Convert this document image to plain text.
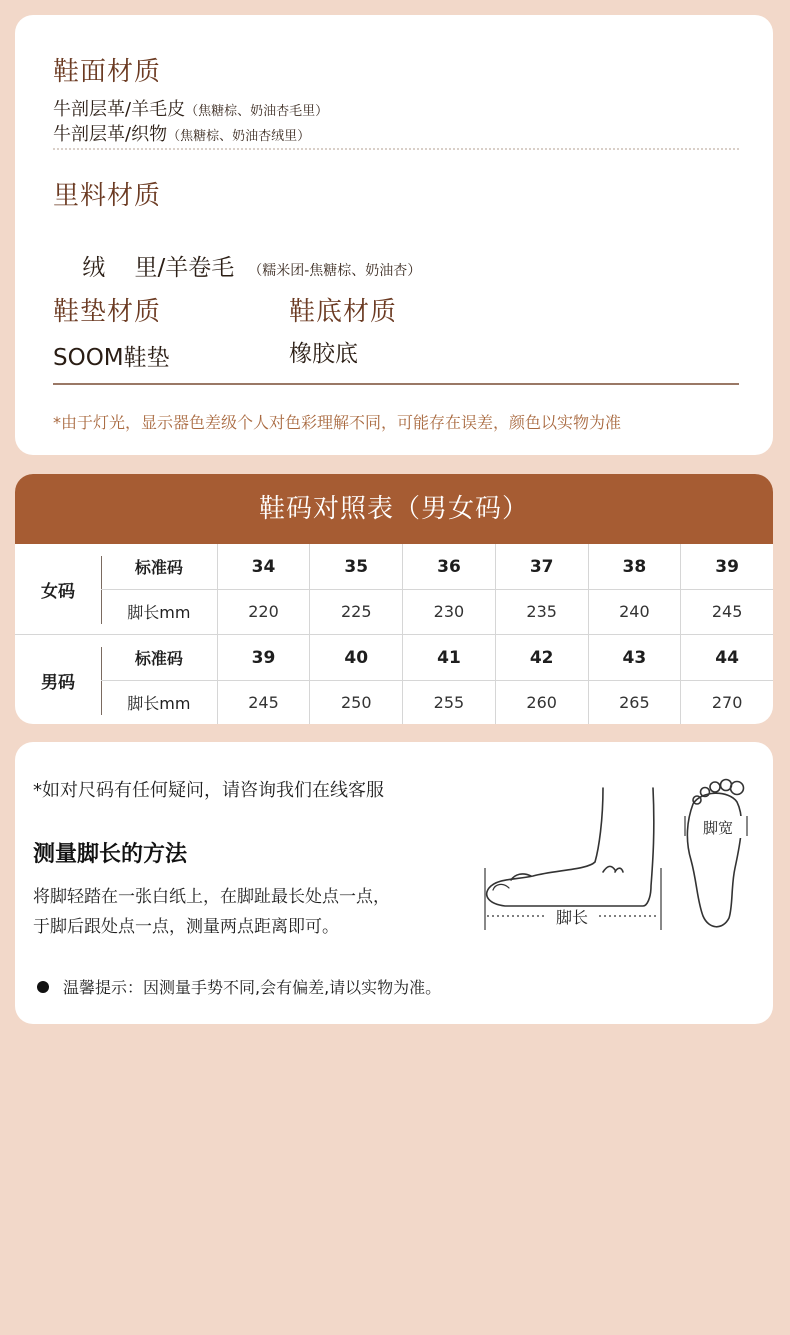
鞋面材质
牛剖层革/羊毛皮（焦糖棕、奶油杏毛里）
牛剖层革/织物（焦糖棕、奶油杏绒里）
里料材质

绒    里/羊卷毛 （糯米团-焦糖棕、奶油杏）

鞋垫材质
SOOM鞋垫
鞋底材质
橡胶底
*由于灯光，显示器色差级个人对色彩理解不同，可能存在误差，颜色以实物为准
鞋码对照表（男女码）
女码
标准码	34	35	36	37	38	39
脚长mm	220	225	230	235	240	245
男码
标准码	39	40	41	42	43	44
脚长mm	245	250	255	260	265	270
*如对尺码有任何疑问，请咨询我们在线客服
测量脚长的方法
将脚轻踏在一张白纸上，在脚趾最长处点一点，
于脚后跟处点一点，测量两点距离即可。	脚长
脚宽
温馨提示：因测量手势不同,会有偏差,请以实物为准。
